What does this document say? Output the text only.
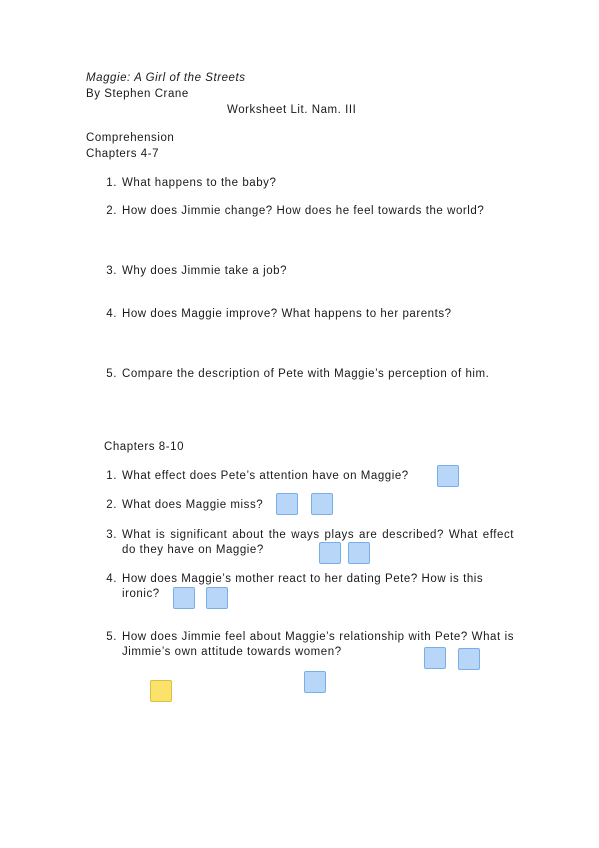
Maggie: A Girl of the Streets
By Stephen Crane
Worksheet Lit. Nam. III
Comprehension
Chapters 4-7
1. What happens to the baby?
2. How does Jimmie change? How does he feel towards the world?
3. Why does Jimmie take a job?
4. How does Maggie improve? What happens to her parents?
5. Compare the description of Pete with Maggie’s perception of him.
Chapters 8-10
1. What effect does Pete’s attention have on Maggie?
2. What does Maggie miss?
3. What is significant about the ways plays are described? What effect do they have on Maggie?
4. How does Maggie’s mother react to her dating Pete? How is this ironic?
5. How does Jimmie feel about Maggie’s relationship with Pete? What is Jimmie’s own attitude towards women?
